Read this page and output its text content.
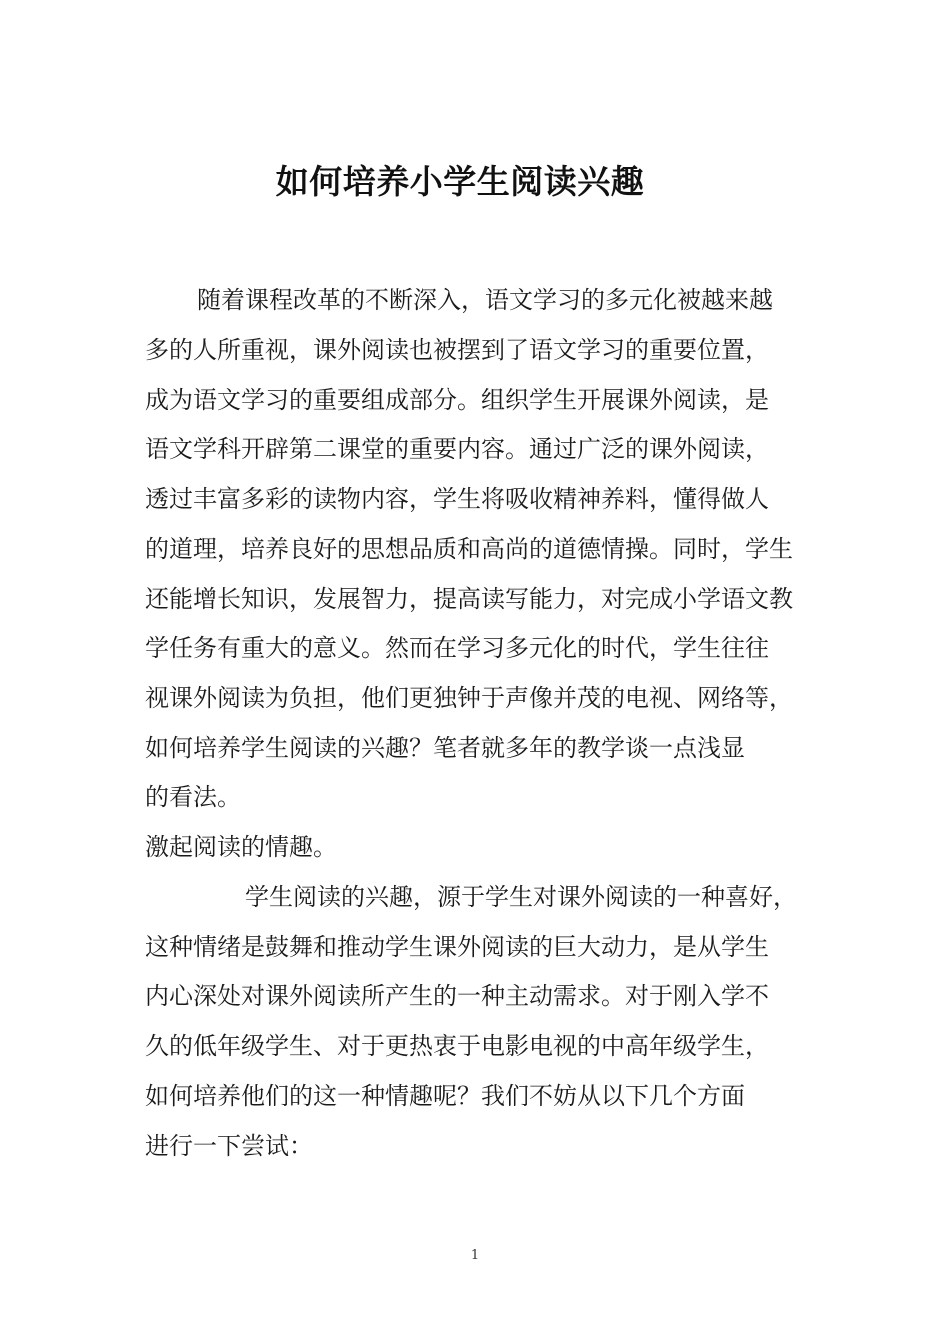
如何培养小学生阅读兴趣
随着课程改革的不断深入，语文学习的多元化被越来越
多的人所重视，课外阅读也被摆到了语文学习的重要位置，
成为语文学习的重要组成部分。组织学生开展课外阅读，是
语文学科开辟第二课堂的重要内容。通过广泛的课外阅读，
透过丰富多彩的读物内容，学生将吸收精神养料，懂得做人
的道理，培养良好的思想品质和高尚的道德情操。同时，学生
还能增长知识，发展智力，提高读写能力，对完成小学语文教
学任务有重大的意义。然而在学习多元化的时代，学生往往
视课外阅读为负担，他们更独钟于声像并茂的电视、网络等，
如何培养学生阅读的兴趣？笔者就多年的教学谈一点浅显
的看法。
激起阅读的情趣。
学生阅读的兴趣，源于学生对课外阅读的一种喜好，
这种情绪是鼓舞和推动学生课外阅读的巨大动力，是从学生
内心深处对课外阅读所产生的一种主动需求。对于刚入学不
久的低年级学生、对于更热衷于电影电视的中高年级学生，
如何培养他们的这一种情趣呢？我们不妨从以下几个方面
进行一下尝试：
1
